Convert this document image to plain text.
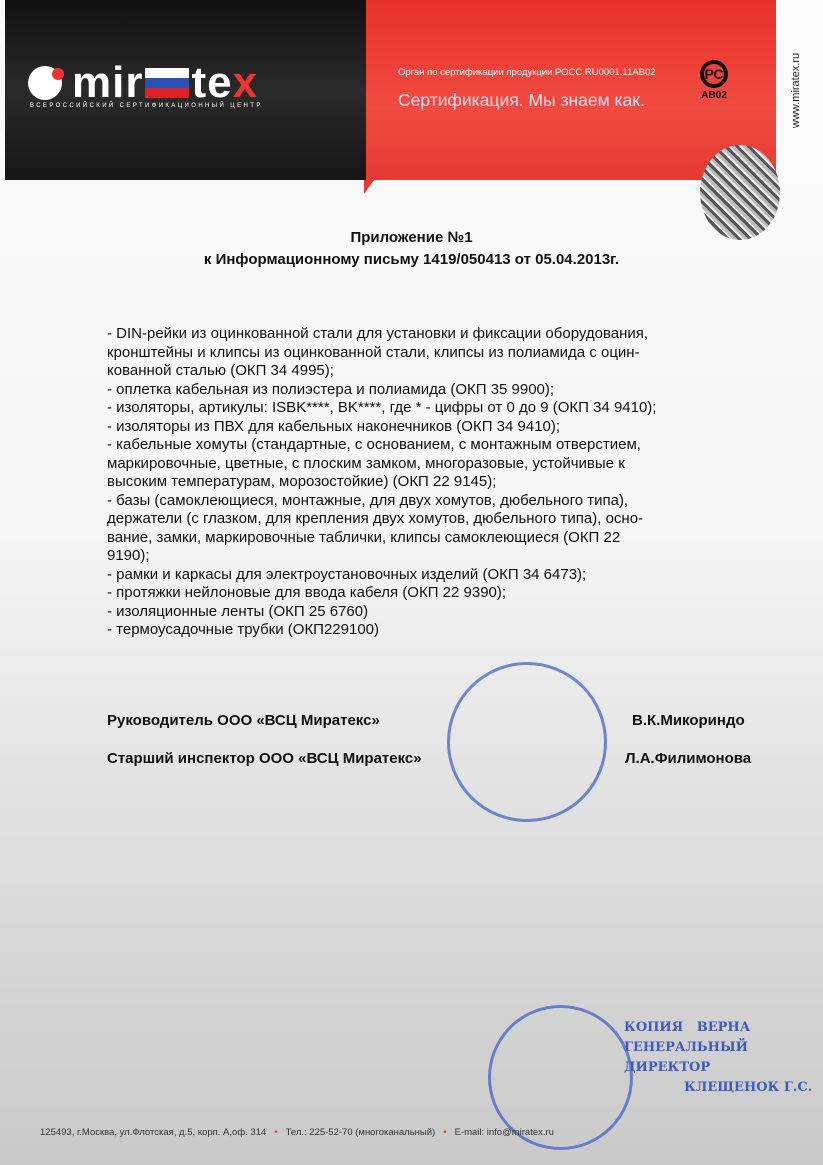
mir te x
ВСЕРОССИЙСКИЙ СЕРТИФИКАЦИОННЫЙ ЦЕНТР
Орган по сертификации продукции РОСС.RU0001.11АВ02
Сертификация. Мы знаем как.
РС
АВ02	www.miratex.ru
Приложение №1
к Информационному письму 1419/050413 от 05.04.2013г.
- DIN-рейки из оцинкованной стали для установки и фиксации оборудования,
кронштейны и клипсы из оцинкованной стали, клипсы из полиамида с оцин-
кованной сталью (ОКП 34 4995);
- оплетка кабельная из полиэстера и полиамида (ОКП 35 9900);
- изоляторы, артикулы: ISBK****, BK****, где * - цифры от 0 до 9 (ОКП 34 9410);
- изоляторы из ПВХ для кабельных наконечников (ОКП 34 9410);
- кабельные хомуты (стандартные, с основанием, с монтажным отверстием,
маркировочные, цветные, с плоским замком, многоразовые, устойчивые к
высоким температурам, морозостойкие) (ОКП 22 9145);
- базы (самоклеющиеся, монтажные, для двух хомутов, дюбельного типа),
держатели (с глазком, для крепления двух хомутов, дюбельного типа), осно-
вание, замки, маркировочные таблички, клипсы самоклеющиеся (ОКП 22
9190);
- рамки и каркасы для электроустановочных изделий (ОКП 34 6473);
- протяжки нейлоновые для ввода кабеля (ОКП 22 9390);
- изоляционные ленты (ОКП 25 6760)
- термоусадочные трубки (ОКП229100)
Руководитель ООО «ВСЦ Миратекс»	В.К.Микориндо
Старший инспектор ООО «ВСЦ Миратекс»	Л.А.Филимонова
КОПИЯ   ВЕРНА
ГЕНЕРАЛЬНЫЙ ДИРЕКТОР
КЛЕЩЕНОК Г.С.
125493, г.Москва, ул.Флотская, д.5, корп. А,оф. 314 • Тел.: 225-52-70 (многоканальный) • E-mail: info@miratex.ru
